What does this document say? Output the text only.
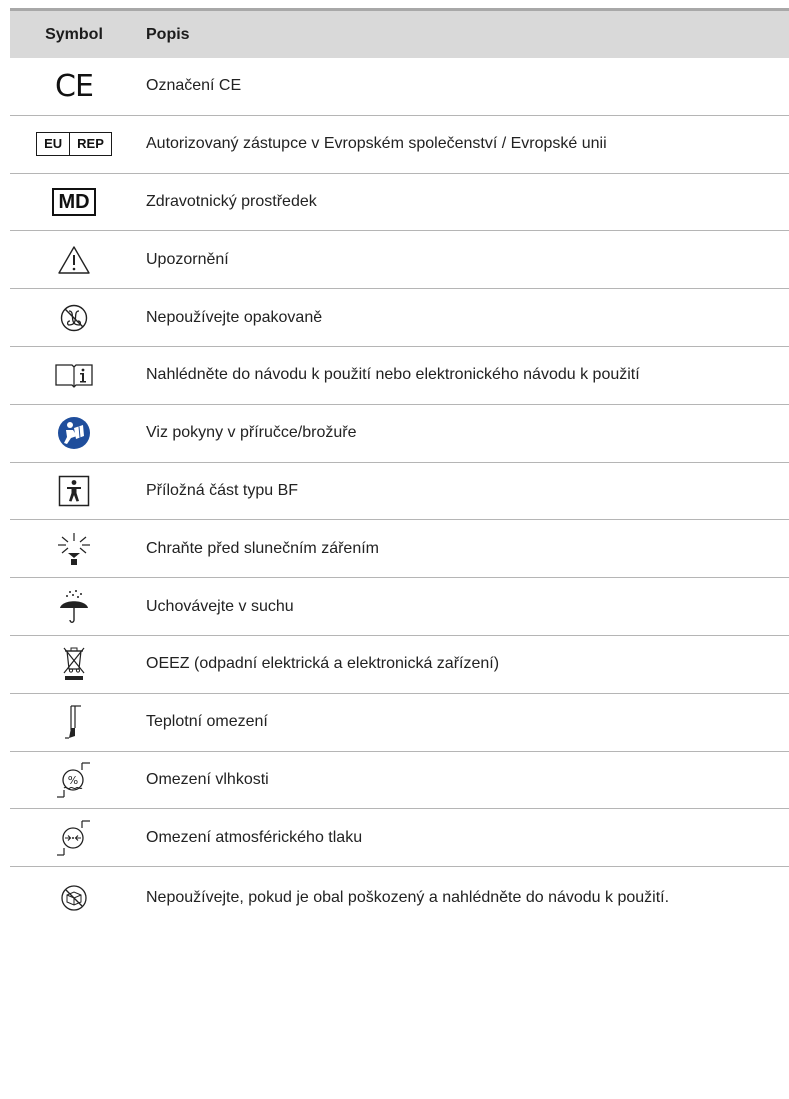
Symbol	Popis
CE	Označení CE
EU	REP	Autorizovaný zástupce v Evropském společenství / Evropské unii
MD	Zdravotnický prostředek
Upozornění
Nepoužívejte opakovaně
Nahlédněte do návodu k použití nebo elektronického návodu k použití
Viz pokyny v příručce/brožuře
Příložná část typu BF
Chraňte před slunečním zářením
Uchovávejte v suchu
OEEZ (odpadní elektrická a elektronická zařízení)
Teplotní omezení
%	Omezení vlhkosti
Omezení atmosférického tlaku
Nepoužívejte, pokud je obal poškozený a nahlédněte do návodu k použití.
